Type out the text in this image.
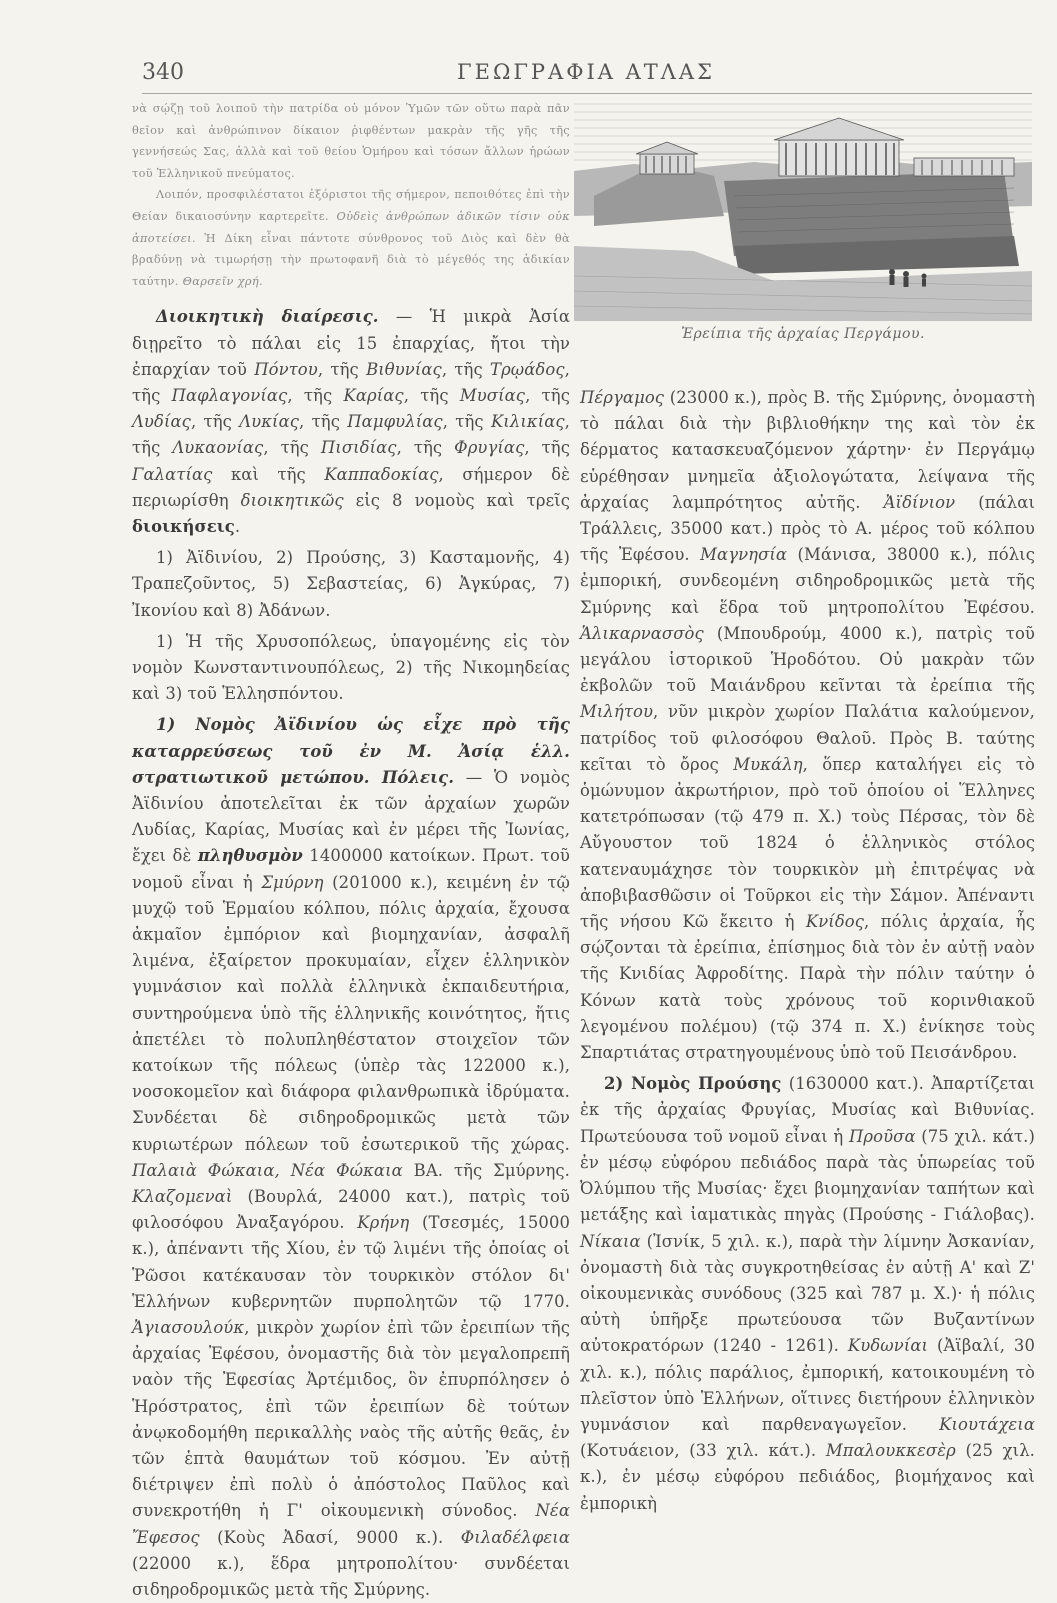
340	ΓΕΩΓΡΑΦΙΑ ΑΤΛΑΣ

νὰ σῴζῃ τοῦ λοιποῦ τὴν πατρίδα οὐ μόνον Ὑμῶν τῶν οὕτω παρὰ πᾶν θεῖον καὶ ἀνθρώπινον δίκαιον ῥιφθέντων μακρὰν τῆς γῆς τῆς γεννήσεώς Σας, ἀλλὰ καὶ τοῦ θείου Ὁμήρου καὶ τόσων ἄλλων ἡρώων τοῦ Ἑλληνικοῦ πνεύματος.

Λοιπόν, προσφιλέστατοι ἐξόριστοι τῆς σήμερον, πεποιθότες ἐπὶ τὴν Θείαν δικαιοσύνην καρτερεῖτε. Οὐδεὶς ἀνθρώπων ἀδικῶν τίσιν οὐκ ἀποτείσει. Ἡ Δίκη εἶναι πάντοτε σύνθρονος τοῦ Διὸς καὶ δὲν θὰ βραδύνῃ νὰ τιμωρήσῃ τὴν πρωτοφανῆ διὰ τὸ μέγεθός της ἀδικίαν ταύτην. Θαρσεῖν χρή.

Διοικητικὴ διαίρεσις. — Ἡ μικρὰ Ἀσία διῃρεῖτο τὸ πάλαι εἰς 15 ἐπαρχίας, ἤτοι τὴν ἐπαρχίαν τοῦ Πόντου, τῆς Βιθυνίας, τῆς Τρῳάδος, τῆς Παφλαγονίας, τῆς Καρίας, τῆς Μυσίας, τῆς Λυδίας, τῆς Λυκίας, τῆς Παμφυλίας, τῆς Κιλικίας, τῆς Λυκαονίας, τῆς Πισιδίας, τῆς Φρυγίας, τῆς Γαλατίας καὶ τῆς Καππαδοκίας, σήμερον δὲ περιωρίσθη διοικητικῶς εἰς 8 νομοὺς καὶ τρεῖς διοικήσεις.

1) Ἀϊδινίου, 2) Προύσης, 3) Κασταμονῆς, 4) Τραπεζοῦντος, 5) Σεβαστείας, 6) Ἀγκύρας, 7) Ἰκονίου καὶ 8) Ἀδάνων.

1) Ἡ τῆς Χρυσοπόλεως, ὑπαγομένης εἰς τὸν νομὸν Κωνσταντινουπόλεως, 2) τῆς Νικομηδείας καὶ 3) τοῦ Ἑλλησπόντου.

1) Νομὸς Ἀϊδινίου ὡς εἶχε πρὸ τῆς καταρρεύσεως τοῦ ἐν Μ. Ἀσίᾳ ἑλλ. στρατιωτικοῦ μετώπου. Πόλεις. — Ὁ νομὸς Ἀϊδινίου ἀποτελεῖται ἐκ τῶν ἀρχαίων χωρῶν Λυδίας, Καρίας, Μυσίας καὶ ἐν μέρει τῆς Ἰωνίας, ἔχει δὲ πληθυσμὸν 1400000 κατοίκων. Πρωτ. τοῦ νομοῦ εἶναι ἡ Σμύρνη (201000 κ.), κειμένη ἐν τῷ μυχῷ τοῦ Ἑρμαίου κόλπου, πόλις ἀρχαία, ἔχουσα ἀκμαῖον ἐμπόριον καὶ βιομηχανίαν, ἀσφαλῆ λιμένα, ἐξαίρετον προκυμαίαν, εἶχεν ἑλληνικὸν γυμνάσιον καὶ πολλὰ ἑλληνικὰ ἐκπαιδευτήρια, συντηρούμενα ὑπὸ τῆς ἑλληνικῆς κοινότητος, ἥτις ἀπετέλει τὸ πολυπληθέστατον στοιχεῖον τῶν κατοίκων τῆς πόλεως (ὑπὲρ τὰς 122000 κ.), νοσοκομεῖον καὶ διάφορα φιλανθρωπικὰ ἱδρύματα. Συνδέεται δὲ σιδηροδρομικῶς μετὰ τῶν κυριωτέρων πόλεων τοῦ ἐσωτερικοῦ τῆς χώρας. Παλαιὰ Φώκαια, Νέα Φώκαια ΒΑ. τῆς Σμύρνης. Κλαζομεναὶ (Βουρλά, 24000 κατ.), πατρὶς τοῦ φιλοσόφου Ἀναξαγόρου. Κρήνη (Τσεσμές, 15000 κ.), ἀπέναντι τῆς Χίου, ἐν τῷ λιμένι τῆς ὁποίας οἱ Ῥῶσοι κατέκαυσαν τὸν τουρκικὸν στόλον δι' Ἑλλήνων κυβερνητῶν πυρπολητῶν τῷ 1770. Ἀγιασουλούκ, μικρὸν χωρίον ἐπὶ τῶν ἐρειπίων τῆς ἀρχαίας Ἐφέσου, ὀνομαστῆς διὰ τὸν μεγαλοπρεπῆ ναὸν τῆς Ἐφεσίας Ἀρτέμιδος, ὃν ἐπυρπόλησεν ὁ Ἡρόστρατος, ἐπὶ τῶν ἐρειπίων δὲ τούτων ἀνῳκοδομήθη περικαλλὴς ναὸς τῆς αὐτῆς θεᾶς, ἐν τῶν ἑπτὰ θαυμάτων τοῦ κόσμου. Ἐν αὐτῇ διέτριψεν ἐπὶ πολὺ ὁ ἀπόστολος Παῦλος καὶ συνεκροτήθη ἡ Γ' οἰκουμενικὴ σύνοδος. Νέα Ἔφεσος (Κοὺς Ἀδασί, 9000 κ.). Φιλαδέλφεια (22000 κ.), ἕδρα μητροπολίτου· συνδέεται σιδηροδρομικῶς μετὰ τῆς Σμύρνης.

Ἐρείπια τῆς ἀρχαίας Περγάμου.

Πέργαμος (23000 κ.), πρὸς Β. τῆς Σμύρνης, ὀνομαστὴ τὸ πάλαι διὰ τὴν βιβλιοθήκην της καὶ τὸν ἐκ δέρματος κατασκευαζόμενον χάρτην· ἐν Περγάμῳ εὑρέθησαν μνημεῖα ἀξιολογώτατα, λείψανα τῆς ἀρχαίας λαμπρότητος αὐτῆς. Ἀϊδίνιον (πάλαι Τράλλεις, 35000 κατ.) πρὸς τὸ Α. μέρος τοῦ κόλπου τῆς Ἐφέσου. Μαγνησία (Μάνισα, 38000 κ.), πόλις ἐμπορική, συνδεομένη σιδηροδρομικῶς μετὰ τῆς Σμύρνης καὶ ἕδρα τοῦ μητροπολίτου Ἐφέσου. Ἁλικαρνασσὸς (Μπουδρούμ, 4000 κ.), πατρὶς τοῦ μεγάλου ἱστορικοῦ Ἡροδότου. Οὐ μακρὰν τῶν ἐκβολῶν τοῦ Μαιάνδρου κεῖνται τὰ ἐρείπια τῆς Μιλήτου, νῦν μικρὸν χωρίον Παλάτια καλούμενον, πατρίδος τοῦ φιλοσόφου Θαλοῦ. Πρὸς Β. ταύτης κεῖται τὸ ὄρος Μυκάλη, ὅπερ καταλήγει εἰς τὸ ὁμώνυμον ἀκρωτήριον, πρὸ τοῦ ὁποίου οἱ Ἕλληνες κατετρόπωσαν (τῷ 479 π. Χ.) τοὺς Πέρσας, τὸν δὲ Αὔγουστον τοῦ 1824 ὁ ἑλληνικὸς στόλος κατεναυμάχησε τὸν τουρκικὸν μὴ ἐπιτρέψας νὰ ἀποβιβασθῶσιν οἱ Τοῦρκοι εἰς τὴν Σάμον. Ἀπέναντι τῆς νήσου Κῶ ἔκειτο ἡ Κνίδος, πόλις ἀρχαία, ἧς σῴζονται τὰ ἐρείπια, ἐπίσημος διὰ τὸν ἐν αὐτῇ ναὸν τῆς Κνιδίας Ἀφροδίτης. Παρὰ τὴν πόλιν ταύτην ὁ Κόνων κατὰ τοὺς χρόνους τοῦ κορινθιακοῦ λεγομένου πολέμου) (τῷ 374 π. Χ.) ἐνίκησε τοὺς Σπαρτιάτας στρατηγουμένους ὑπὸ τοῦ Πεισάνδρου.

2) Νομὸς Προύσης (1630000 κατ.). Ἀπαρτίζεται ἐκ τῆς ἀρχαίας Φρυγίας, Μυσίας καὶ Βιθυνίας. Πρωτεύουσα τοῦ νομοῦ εἶναι ἡ Προῦσα (75 χιλ. κάτ.) ἐν μέσῳ εὐφόρου πεδιάδος παρὰ τὰς ὑπωρείας τοῦ Ὀλύμπου τῆς Μυσίας· ἔχει βιομηχανίαν ταπήτων καὶ μετάξης καὶ ἰαματικὰς πηγὰς (Προύσης - Γιάλοβας). Νίκαια (Ἰσνίκ, 5 χιλ. κ.), παρὰ τὴν λίμνην Ἀσκανίαν, ὀνομαστὴ διὰ τὰς συγκροτηθείσας ἐν αὐτῇ Α' καὶ Ζ' οἰκουμενικὰς συνόδους (325 καὶ 787 μ. Χ.)· ἡ πόλις αὐτὴ ὑπῆρξε πρωτεύουσα τῶν Βυζαντίνων αὐτοκρατόρων (1240 - 1261). Κυδωνίαι (Ἀϊβαλί, 30 χιλ. κ.), πόλις παράλιος, ἐμπορική, κατοικουμένη τὸ πλεῖστον ὑπὸ Ἑλλήνων, οἵτινες διετήρουν ἑλληνικὸν γυμνάσιον καὶ παρθεναγωγεῖον. Κιουτάχεια (Κοτυάειον, (33 χιλ. κάτ.). Μπαλουκκεσὲρ (25 χιλ. κ.), ἐν μέσῳ εὐφόρου πεδιάδος, βιομήχανος καὶ ἐμπορικὴ
